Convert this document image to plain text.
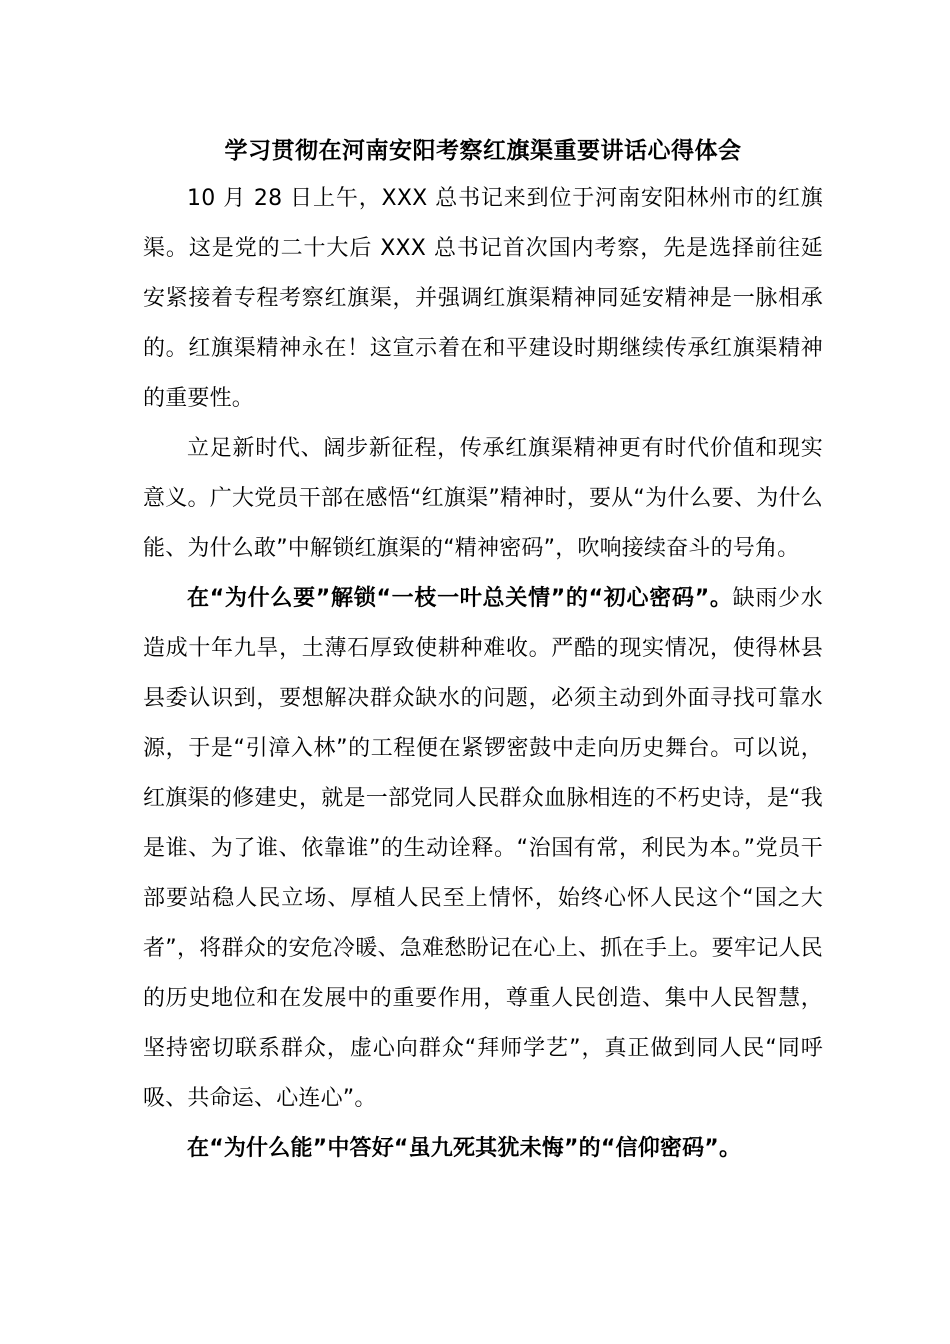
学习贯彻在河南安阳考察红旗渠重要讲话心得体会

10 月 28 日上午，XXX 总书记来到位于河南安阳林州市的红旗渠。这是党的二十大后 XXX 总书记首次国内考察，先是选择前往延安紧接着专程考察红旗渠，并强调红旗渠精神同延安精神是一脉相承的。红旗渠精神永在！这宣示着在和平建设时期继续传承红旗渠精神的重要性。

立足新时代、阔步新征程，传承红旗渠精神更有时代价值和现实意义。广大党员干部在感悟“红旗渠”精神时，要从“为什么要、为什么能、为什么敢”中解锁红旗渠的“精神密码”，吹响接续奋斗的号角。

在“为什么要”解锁“一枝一叶总关情”的“初心密码”。缺雨少水造成十年九旱，土薄石厚致使耕种难收。严酷的现实情况，使得林县县委认识到，要想解决群众缺水的问题，必须主动到外面寻找可靠水源，于是“引漳入林”的工程便在紧锣密鼓中走向历史舞台。可以说，红旗渠的修建史，就是一部党同人民群众血脉相连的不朽史诗，是“我是谁、为了谁、依靠谁”的生动诠释。“治国有常，利民为本。”党员干部要站稳人民立场、厚植人民至上情怀，始终心怀人民这个“国之大者”，将群众的安危冷暖、急难愁盼记在心上、抓在手上。要牢记人民的历史地位和在发展中的重要作用，尊重人民创造、集中人民智慧，坚持密切联系群众，虚心向群众“拜师学艺”，真正做到同人民“同呼吸、共命运、心连心”。

在“为什么能”中答好“虽九死其犹未悔”的“信仰密码”。
